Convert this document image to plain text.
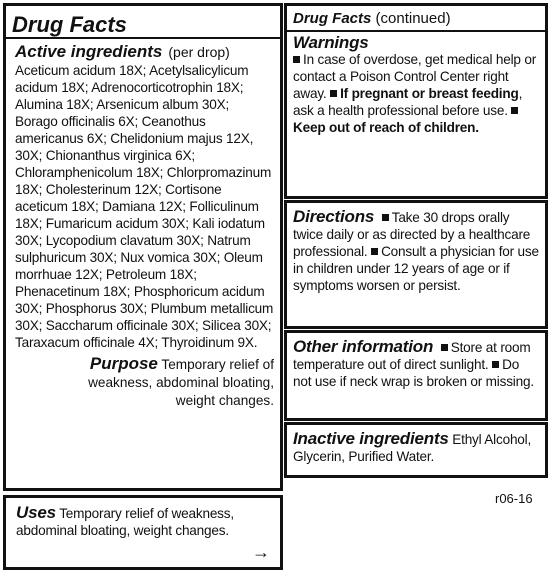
Drug Facts
Active ingredients (per drop)
Aceticum acidum 18X; Acetylsalicylicum acidum 18X; Adrenocorticotrophin 18X; Alumina 18X; Arsenicum album 30X; Borago officinalis 6X; Ceanothus americanus 6X; Chelidonium majus 12X, 30X; Chionanthus virginica 6X; Chloramphenicolum 18X; Chlorpromazinum 18X; Cholesterinum 12X; Cortisone aceticum 18X; Damiana 12X; Folliculinum 18X; Fumaricum acidum 30X; Kali iodatum 30X; Lycopodium clavatum 30X; Natrum sulphuricum 30X; Nux vomica 30X; Oleum morrhuae 12X; Petroleum 18X; Phenacetinum 18X; Phosphoricum acidum 30X; Phosphorus 30X; Plumbum metallicum 30X; Saccharum officinale 30X; Silicea 30X; Taraxacum officinale 4X; Thyroidinum 9X.
Purpose Temporary relief of weakness, abdominal bloating, weight changes.
Uses Temporary relief of weakness, abdominal bloating, weight changes.
→
Drug Facts (continued)
Warnings
In case of overdose, get medical help or contact a Poison Control Center right away. If pregnant or breast feeding, ask a health professional before use. Keep out of reach of children.
Directions Take 30 drops orally twice daily or as directed by a healthcare professional. Consult a physician for use in children under 12 years of age or if symptoms worsen or persist.
Other information Store at room temperature out of direct sunlight. Do not use if neck wrap is broken or missing.
Inactive ingredients Ethyl Alcohol, Glycerin, Purified Water.
r06-16
